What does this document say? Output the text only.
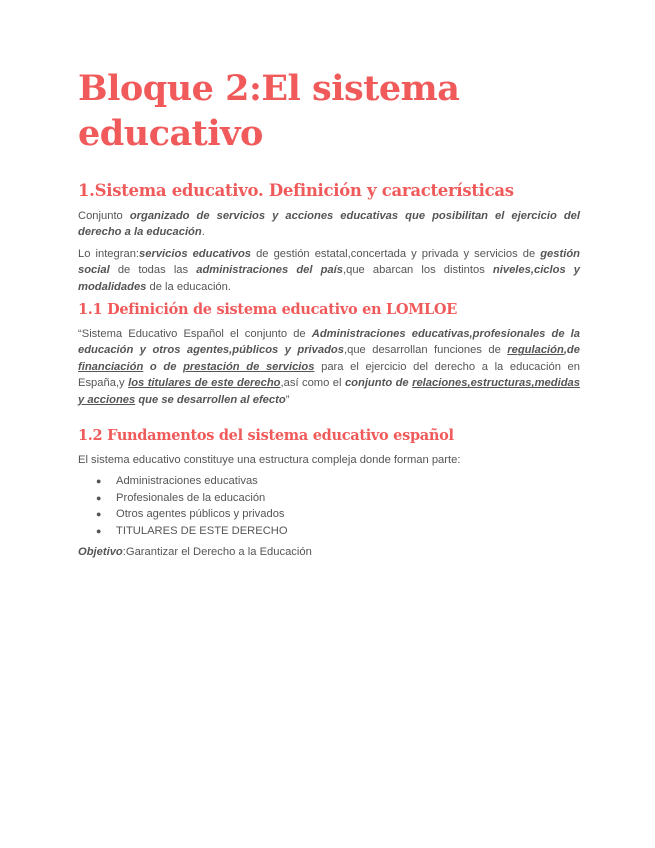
Bloque 2:El sistema educativo
1.Sistema educativo. Definición y características

Conjunto organizado de servicios y acciones educativas que posibilitan el ejercicio del derecho a la educación.

Lo integran:servicios educativos de gestión estatal,concertada y privada y servicios de gestión social de todas las administraciones del país,que abarcan los distintos niveles,ciclos y modalidades de la educación.

1.1 Definición de sistema educativo en LOMLOE

“Sistema Educativo Español el conjunto de Administraciones educativas,profesionales de la educación y otros agentes,públicos y privados,que desarrollan funciones de regulación,de financiación o de prestación de servicios para el ejercicio del derecho a la educación en España,y los titulares de este derecho,así como el conjunto de relaciones,estructuras,medidas y acciones que se desarrollen al efecto”

1.2 Fundamentos del sistema educativo español

El sistema educativo constituye una estructura compleja donde forman parte:

● Administraciones educativas
● Profesionales de la educación
● Otros agentes públicos y privados
● TITULARES DE ESTE DERECHO

Objetivo:Garantizar el Derecho a la Educación
